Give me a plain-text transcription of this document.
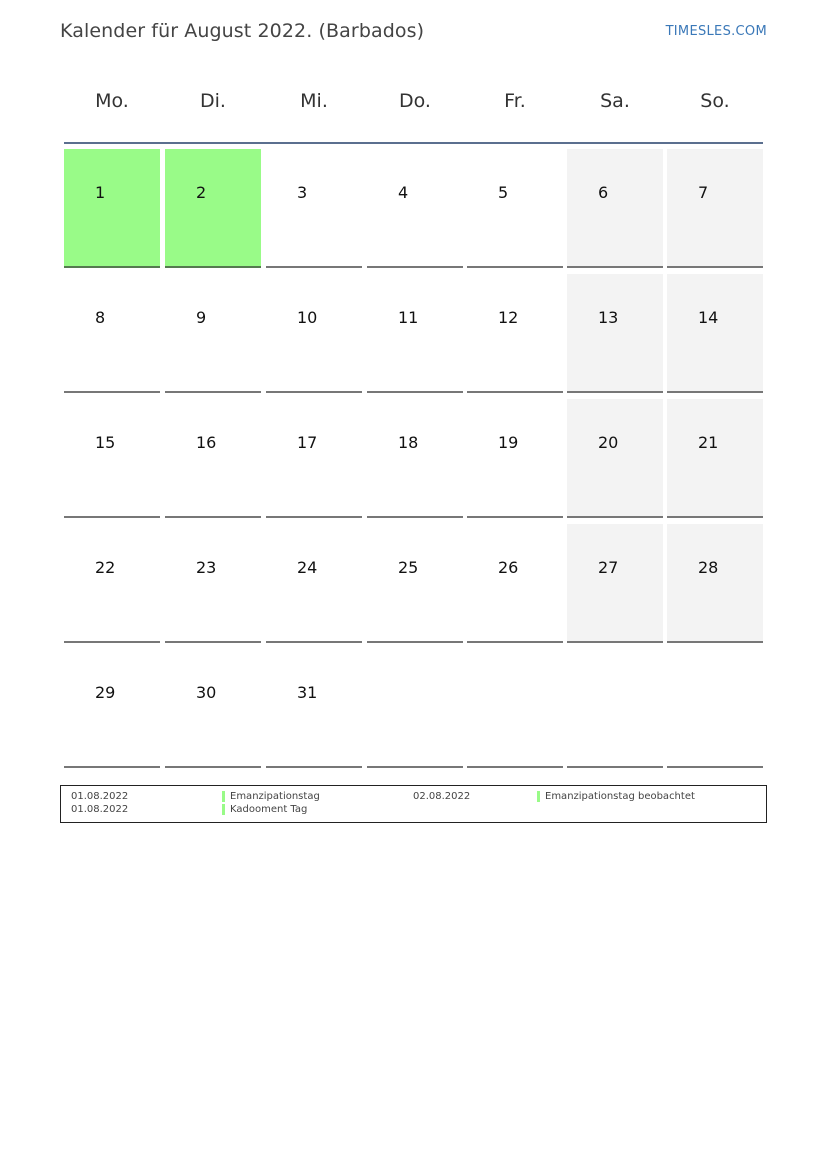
Kalender für August 2022. (Barbados)	TIMESLES.COM
Mo.	Di.	Mi.	Do.	Fr.	Sa.	So.
1	2	3	4	5	6	7
8	9	10	11	12	13	14
15	16	17	18	19	20	21
22	23	24	25	26	27	28
29	30	31
01.08.2022	Emanzipationstag
01.08.2022	Kadooment Tag
02.08.2022	Emanzipationstag beobachtet
